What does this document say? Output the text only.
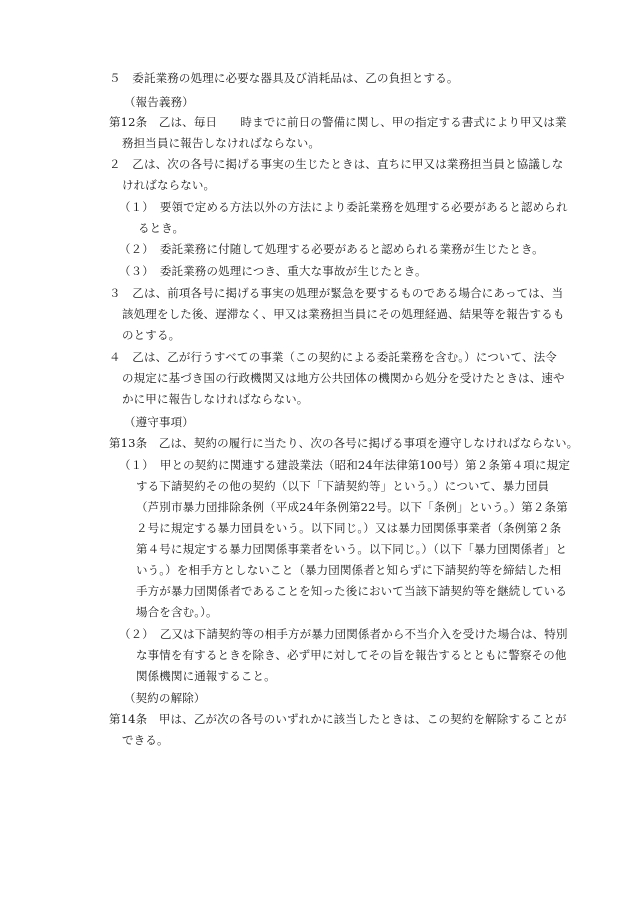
５　委託業務の処理に必要な器具及び消耗品は、乙の負担とする。
（報告義務）
第12条　乙は、毎日　　時までに前日の警備に関し、甲の指定する書式により甲又は業
務担当員に報告しなければならない。
２　乙は、次の各号に掲げる事実の生じたときは、直ちに甲又は業務担当員と協議しな
ければならない。
（１）　要領で定める方法以外の方法により委託業務を処理する必要があると認められ
るとき。
（２）　委託業務に付随して処理する必要があると認められる業務が生じたとき。
（３）　委託業務の処理につき、重大な事故が生じたとき。
３　乙は、前項各号に掲げる事実の処理が緊急を要するものである場合にあっては、当
該処理をした後、遅滞なく、甲又は業務担当員にその処理経過、結果等を報告するも
のとする。
４　乙は、乙が行うすべての事業（この契約による委託業務を含む。）について、法令
の規定に基づき国の行政機関又は地方公共団体の機関から処分を受けたときは、速や
かに甲に報告しなければならない。
（遵守事項）
第13条　乙は、契約の履行に当たり、次の各号に掲げる事項を遵守しなければならない。
（１）　甲との契約に関連する建設業法（昭和24年法律第100号）第２条第４項に規定
する下請契約その他の契約（以下「下請契約等」という。）について、暴力団員
（芦別市暴力団排除条例（平成24年条例第22号。以下「条例」という。）第２条第
２号に規定する暴力団員をいう。以下同じ。）又は暴力団関係事業者（条例第２条
第４号に規定する暴力団関係事業者をいう。以下同じ。）（以下「暴力団関係者」と
いう。）を相手方としないこと（暴力団関係者と知らずに下請契約等を締結した相
手方が暴力団関係者であることを知った後において当該下請契約等を継続している
場合を含む。）。
（２）　乙又は下請契約等の相手方が暴力団関係者から不当介入を受けた場合は、特別
な事情を有するときを除き、必ず甲に対してその旨を報告するとともに警察その他
関係機関に通報すること。
（契約の解除）
第14条　甲は、乙が次の各号のいずれかに該当したときは、この契約を解除することが
できる。
